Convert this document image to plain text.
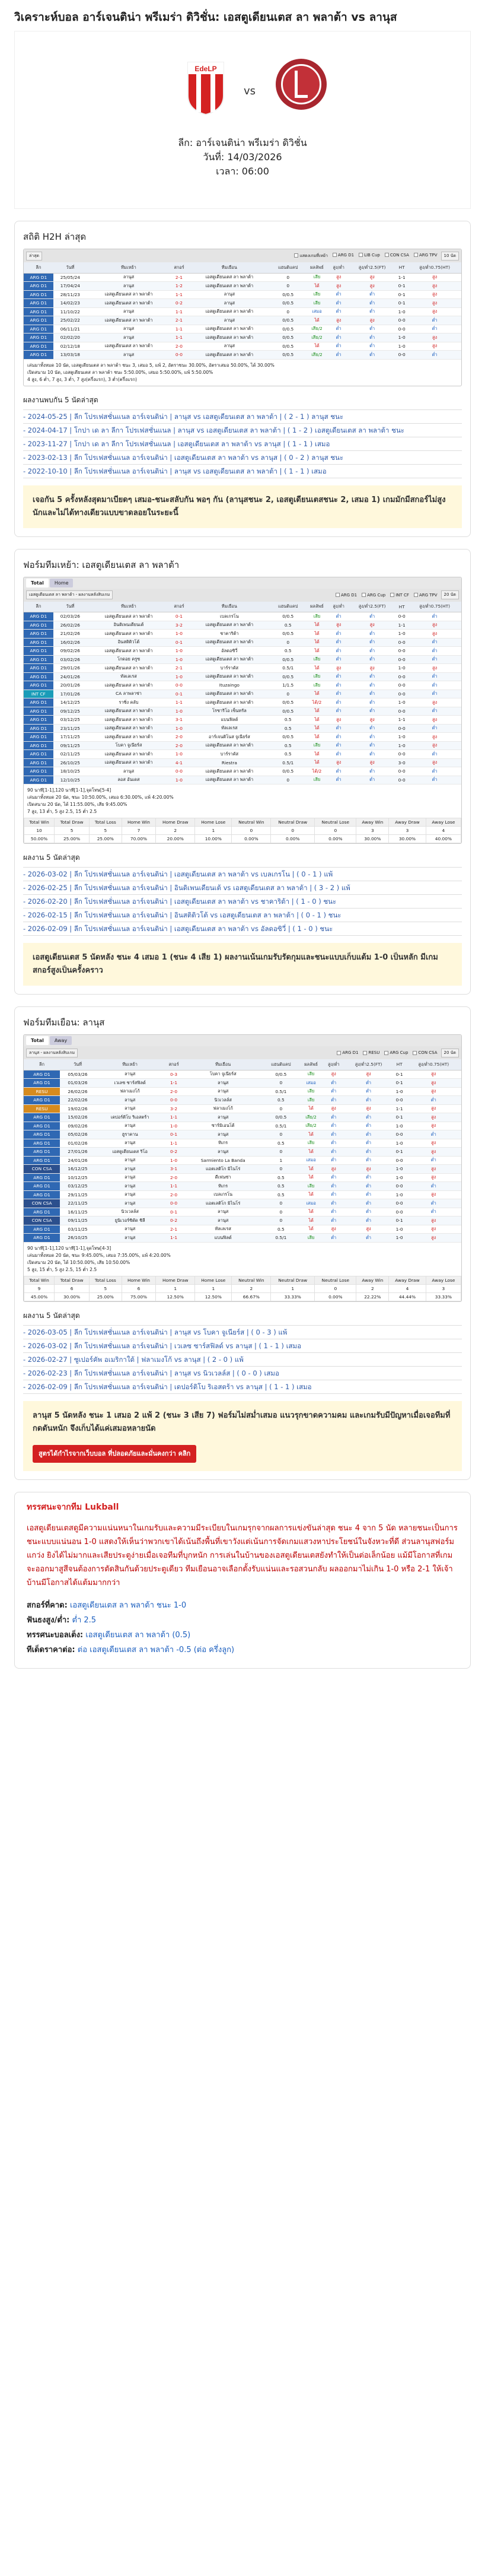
วิเคราะห์บอล อาร์เจนติน่า พรีเมร่า ดิวิชั่น: เอสตูเดียนเตส ลา พลาต้า vs ลานุส
EdeLP
vs
ลีก: อาร์เจนติน่า พรีเมร่า ดิวิชั่น
วันที่: 14/03/2026
เวลา: 06:00
สถิติ H2H ล่าสุด
ล่าสุด	แสดงเกมที่เหย้า	ARG D1	LIB Cup	CON CSA	ARG TPV	10 นัด
ลีก	วันที่	ทีมเหย้า	สกอร์	ทีมเยือน	แฮนดิแคป	ผลลัพธ์	สูง/ต่ำ	สูง/ต่ำ2.5(FT)	HT	สูง/ต่ำ0.75(HT)
ARG D1	25/05/24	ลานุส	2-1	เอสตูเดียนเตส ลา พลาต้า	0	เสีย	สูง	สูง	1-1	สูง
ARG D1	17/04/24	ลานุส	1-2	เอสตูเดียนเตส ลา พลาต้า	0	ได้	สูง	สูง	0-1	สูง
ARG D1	28/11/23	เอสตูเดียนเตส ลา พลาต้า	1-1	ลานุส	0/0.5	เสีย	ต่ำ	ต่ำ	0-1	สูง
ARG D1	14/02/23	เอสตูเดียนเตส ลา พลาต้า	0-2	ลานุส	0/0.5	เสีย	ต่ำ	ต่ำ	0-1	สูง
ARG D1	11/10/22	ลานุส	1-1	เอสตูเดียนเตส ลา พลาต้า	0	เสมอ	ต่ำ	ต่ำ	1-0	สูง
ARG D1	25/02/22	เอสตูเดียนเตส ลา พลาต้า	2-1	ลานุส	0/0.5	ได้	สูง	สูง	0-0	ต่ำ
ARG D1	06/11/21	ลานุส	1-1	เอสตูเดียนเตส ลา พลาต้า	0/0.5	เสีย/2	ต่ำ	ต่ำ	0-0	ต่ำ
ARG D1	02/02/20	ลานุส	1-1	เอสตูเดียนเตส ลา พลาต้า	0/0.5	เสีย/2	ต่ำ	ต่ำ	1-0	สูง
ARG D1	02/12/18	เอสตูเดียนเตส ลา พลาต้า	2-0	ลานุส	0/0.5	ได้	ต่ำ	ต่ำ	1-0	สูง
ARG D1	13/03/18	ลานุส	0-0	เอสตูเดียนเตส ลา พลาต้า	0/0.5	เสีย/2	ต่ำ	ต่ำ	0-0	ต่ำ
เล่นมาทั้งหมด 10 นัด, เอสตูเดียนเตส ลา พลาต้า ชนะ 3, เสมอ 5, แพ้ 2, อัตราชนะ 30.00%, อัตราเสมอ 50.00%, ได้ 30.00%
เปิดสนาม 10 นัด, เอสตูเดียนเตส ลา พลาต้า ชนะ 5:50.00%, เสมอ 5:50.00%, แพ้ 5:50.00%
4 สูง, 6 ต่ำ, 7 สูง, 3 ต่ำ, 7 สูง(ครึ่งแรก), 3 ต่ำ(ครึ่งแรก)
ผลงานพบกัน 5 นัดล่าสุด
- 2024-05-25 | ลีก โปรเฟสชั่นแนล อาร์เจนติน่า | ลานุส vs เอสตูเดียนเตส ลา พลาต้า | ( 2 - 1 ) ลานุส ชนะ
- 2024-04-17 | โกปา เด ลา ลีกา โปรเฟสชั่นแนล | ลานุส vs เอสตูเดียนเตส ลา พลาต้า | ( 1 - 2 ) เอสตูเดียนเตส ลา พลาต้า ชนะ
- 2023-11-27 | โกปา เด ลา ลีกา โปรเฟสชั่นแนล | เอสตูเดียนเตส ลา พลาต้า vs ลานุส | ( 1 - 1 ) เสมอ
- 2023-02-13 | ลีก โปรเฟสชั่นแนล อาร์เจนติน่า | เอสตูเดียนเตส ลา พลาต้า vs ลานุส | ( 0 - 2 ) ลานุส ชนะ
- 2022-10-10 | ลีก โปรเฟสชั่นแนล อาร์เจนติน่า | ลานุส vs เอสตูเดียนเตส ลา พลาต้า | ( 1 - 1 ) เสมอ
เจอกัน 5 ครั้งหลังสุดมาเบียดๆ เสมอ-ชนะสลับกัน พอๆ กัน (ลานุสชนะ 2, เอสตูเดียนเตสชนะ 2, เสมอ 1) เกมมักมีสกอร์ไม่สูงนักและไม่ได้ทางเดียวแบบขาดลอยในระยะนี้
ฟอร์มทีมเหย้า: เอสตูเดียนเตส ลา พลาต้า
Total	Home
เอสตูเดียนเตส ลา พลาต้า - ผลงานหลังสิบเกม	ARG D1	ARG Cup	INT CF	ARG TPV	20 นัด
ลีก	วันที่	ทีมเหย้า	สกอร์	ทีมเยือน	แฮนดิแคป	ผลลัพธ์	สูง/ต่ำ	สูง/ต่ำ2.5(FT)	HT	สูง/ต่ำ0.75(HT)
ARG D1	02/03/26	เอสตูเดียนเตส ลา พลาต้า	0-1	เบลเกรโน	0/0.5	เสีย	ต่ำ	ต่ำ	0-0	ต่ำ
ARG D1	26/02/26	อินดิเพนเดียนเต้	3-2	เอสตูเดียนเตส ลา พลาต้า	0.5	ได้	สูง	สูง	1-1	สูง
ARG D1	21/02/26	เอสตูเดียนเตส ลา พลาต้า	1-0	ชาคาริต้า	0/0.5	ได้	ต่ำ	ต่ำ	1-0	สูง
ARG D1	16/02/26	อินสติติวโต้	0-1	เอสตูเดียนเตส ลา พลาต้า	0	ได้	ต่ำ	ต่ำ	0-0	ต่ำ
ARG D1	09/02/26	เอสตูเดียนเตส ลา พลาต้า	1-0	อัลดอซิวี่	0.5	ได้	ต่ำ	ต่ำ	0-0	ต่ำ
ARG D1	03/02/26	โกดอย ครูซ	1-0	เอสตูเดียนเตส ลา พลาต้า	0/0.5	เสีย	ต่ำ	ต่ำ	0-0	ต่ำ
ARG D1	29/01/26	เอสตูเดียนเตส ลา พลาต้า	2-1	บาร์ราคัส	0.5/1	ได้	สูง	สูง	1-0	สูง
ARG D1	24/01/26	ทัลเลเรส	1-0	เอสตูเดียนเตส ลา พลาต้า	0/0.5	เสีย	ต่ำ	ต่ำ	0-0	ต่ำ
ARG D1	20/01/26	เอสตูเดียนเตส ลา พลาต้า	0-0	Ituzaingo	1/1.5	เสีย	ต่ำ	ต่ำ	0-0	ต่ำ
INT CF	17/01/26	CA ลาพลาซ่า	0-1	เอสตูเดียนเตส ลา พลาต้า	0	ได้	ต่ำ	ต่ำ	0-0	ต่ำ
ARG D1	14/12/25	ราซิ่ง คลับ	1-1	เอสตูเดียนเตส ลา พลาต้า	0/0.5	ได้/2	ต่ำ	ต่ำ	1-0	สูง
ARG D1	09/12/25	เอสตูเดียนเตส ลา พลาต้า	1-0	โรซาริโอ เซ็นทรัล	0/0.5	ได้	ต่ำ	ต่ำ	0-0	ต่ำ
ARG D1	03/12/25	เอสตูเดียนเตส ลา พลาต้า	3-1	แบนฟิลด์	0.5	ได้	สูง	สูง	1-1	สูง
ARG D1	23/11/25	เอสตูเดียนเตส ลา พลาต้า	1-0	ทัลเลเรส	0.5	ได้	ต่ำ	ต่ำ	0-0	ต่ำ
ARG D1	17/11/25	เอสตูเดียนเตส ลา พลาต้า	2-0	อาร์เจนติโนส จูเนียร์ส	0/0.5	ได้	ต่ำ	ต่ำ	1-0	สูง
ARG D1	09/11/25	โบคา จูเนียร์ส	2-0	เอสตูเดียนเตส ลา พลาต้า	0.5	เสีย	ต่ำ	ต่ำ	1-0	สูง
ARG D1	02/11/25	เอสตูเดียนเตส ลา พลาต้า	1-0	บาร์ราคัส	0.5	ได้	ต่ำ	ต่ำ	0-0	ต่ำ
ARG D1	26/10/25	เอสตูเดียนเตส ลา พลาต้า	4-1	Riestra	0.5/1	ได้	สูง	สูง	3-0	สูง
ARG D1	18/10/25	ลานุส	0-0	เอสตูเดียนเตส ลา พลาต้า	0/0.5	ได้/2	ต่ำ	ต่ำ	0-0	ต่ำ
ARG D1	12/10/25	ลอส อันเดส	1-0	เอสตูเดียนเตส ลา พลาต้า	0	เสีย	ต่ำ	ต่ำ	0-0	ต่ำ
90 นาที[1-1],120 นาที[1-1],จุดโทษ[5-4]
เล่นมาทั้งหมด 20 นัด, ชนะ 10:50.00%, เสมอ 6:30.00%, แพ้ 4:20.00%
เปิดสนาม 20 นัด, ได้ 11:55.00%, เสีย 9:45.00%
7 สูง, 13 ต่ำ, 5 สูง 2.5, 15 ต่ำ 2.5
Total Win	Total Draw	Total Loss	Home Win	Home Draw	Home Lose	Neutral Win	Neutral Draw	Neutral Lose	Away Win	Away Draw	Away Lose
10	5	5	7	2	1	0	0	0	3	3	4
50.00%	25.00%	25.00%	70.00%	20.00%	10.00%	0.00%	0.00%	0.00%	30.00%	30.00%	40.00%
ผลงาน 5 นัดล่าสุด
- 2026-03-02 | ลีก โปรเฟสชั่นแนล อาร์เจนติน่า | เอสตูเดียนเตส ลา พลาต้า vs เบลเกรโน | ( 0 - 1 ) แพ้
- 2026-02-25 | ลีก โปรเฟสชั่นแนล อาร์เจนติน่า | อินดิเพนเดียนเต้ vs เอสตูเดียนเตส ลา พลาต้า | ( 3 - 2 ) แพ้
- 2026-02-20 | ลีก โปรเฟสชั่นแนล อาร์เจนติน่า | เอสตูเดียนเตส ลา พลาต้า vs ชาคาริต้า | ( 1 - 0 ) ชนะ
- 2026-02-15 | ลีก โปรเฟสชั่นแนล อาร์เจนติน่า | อินสติติวโต้ vs เอสตูเดียนเตส ลา พลาต้า | ( 0 - 1 ) ชนะ
- 2026-02-09 | ลีก โปรเฟสชั่นแนล อาร์เจนติน่า | เอสตูเดียนเตส ลา พลาต้า vs อัลดอซิวี่ | ( 1 - 0 ) ชนะ
เอสตูเดียนเตส 5 นัดหลัง ชนะ 4 เสมอ 1 (ชนะ 4 เสีย 1) ผลงานเน้นเกมรับรัดกุมและชนะแบบเก็บแต้ม 1-0 เป็นหลัก มีเกมสกอร์สูงเป็นครั้งคราว
ฟอร์มทีมเยือน: ลานุส
Total	Away
ลานุส - ผลงานหลังสิบเกม	ARG D1	RESU	ARG Cup	CON CSA	20 นัด
ลีก	วันที่	ทีมเหย้า	สกอร์	ทีมเยือน	แฮนดิแคป	ผลลัพธ์	สูง/ต่ำ	สูง/ต่ำ2.5(FT)	HT	สูง/ต่ำ0.75(HT)
ARG D1	05/03/26	ลานุส	0-3	โบคา จูเนียร์ส	0/0.5	เสีย	สูง	สูง	0-1	สูง
ARG D1	01/03/26	เวเลซ ซาร์สฟิลด์	1-1	ลานุส	0	เสมอ	ต่ำ	ต่ำ	0-1	สูง
RESU	26/02/26	ฟลาเมงโก้	2-0	ลานุส	0.5/1	เสีย	ต่ำ	ต่ำ	1-0	สูง
ARG D1	22/02/26	ลานุส	0-0	นิวเวลล์ส	0.5	เสีย	ต่ำ	ต่ำ	0-0	ต่ำ
RESU	19/02/26	ลานุส	3-2	ฟลาเมงโก้	0	ได้	สูง	สูง	1-1	สูง
ARG D1	15/02/26	เดปอร์ติโบ ริเอสตร้า	1-1	ลานุส	0/0.5	เสีย/2	ต่ำ	ต่ำ	0-1	สูง
ARG D1	09/02/26	ลานุส	1-0	ซาร์มิเอนโต้	0.5/1	เสีย/2	ต่ำ	ต่ำ	1-0	สูง
ARG D1	05/02/26	ฮูราคาน	0-1	ลานุส	0	ได้	ต่ำ	ต่ำ	0-0	ต่ำ
ARG D1	01/02/26	ลานุส	1-1	ทิเกร	0.5	เสีย	ต่ำ	ต่ำ	1-0	สูง
ARG D1	27/01/26	เอสตูเดียนเตส ริโอ	0-2	ลานุส	0	ได้	ต่ำ	ต่ำ	0-1	สูง
ARG D1	24/01/26	ลานุส	1-0	Sarmiento La Banda	1	เสมอ	ต่ำ	ต่ำ	0-0	ต่ำ
CON CSA	16/12/25	ลานุส	3-1	แอตเลติโก มิไนโร่	0	ได้	สูง	สูง	1-0	สูง
ARG D1	10/12/25	ลานุส	2-0	ดีเฟนซ่า	0.5	ได้	ต่ำ	ต่ำ	1-0	สูง
ARG D1	03/12/25	ลานุส	1-1	ทิเกร	0.5	เสีย	ต่ำ	ต่ำ	0-0	ต่ำ
ARG D1	29/11/25	ลานุส	2-0	เบลเกรโน	0.5	ได้	ต่ำ	ต่ำ	1-0	สูง
CON CSA	22/11/25	ลานุส	0-0	แอตเลติโก มิไนโร่	0	เสมอ	ต่ำ	ต่ำ	0-0	ต่ำ
ARG D1	16/11/25	นิวเวลล์ส	0-1	ลานุส	0	ได้	ต่ำ	ต่ำ	0-0	ต่ำ
CON CSA	09/11/25	ยูนิเวอร์ซิดัด ชิลี	0-2	ลานุส	0	ได้	ต่ำ	ต่ำ	0-1	สูง
ARG D1	03/11/25	ลานุส	2-1	ทัลเลเรส	0.5	ได้	สูง	สูง	1-0	สูง
ARG D1	26/10/25	ลานุส	1-1	แบนฟิลด์	0.5/1	เสีย	ต่ำ	ต่ำ	1-0	สูง
90 นาที[1-1],120 นาที[1-1],จุดโทษ[4-3]
เล่นมาทั้งหมด 20 นัด, ชนะ 9:45.00%, เสมอ 7:35.00%, แพ้ 4:20.00%
เปิดสนาม 20 นัด, ได้ 10:50.00%, เสีย 10:50.00%
5 สูง, 15 ต่ำ, 5 สูง 2.5, 15 ต่ำ 2.5
Total Win	Total Draw	Total Loss	Home Win	Home Draw	Home Lose	Neutral Win	Neutral Draw	Neutral Lose	Away Win	Away Draw	Away Lose
9	6	5	6	1	1	2	1	0	2	4	3
45.00%	30.00%	25.00%	75.00%	12.50%	12.50%	66.67%	33.33%	0.00%	22.22%	44.44%	33.33%
ผลงาน 5 นัดล่าสุด
- 2026-03-05 | ลีก โปรเฟสชั่นแนล อาร์เจนติน่า | ลานุส vs โบคา จูเนียร์ส | ( 0 - 3 ) แพ้
- 2026-03-02 | ลีก โปรเฟสชั่นแนล อาร์เจนติน่า | เวเลซ ซาร์สฟิลด์ vs ลานุส | ( 1 - 1 ) เสมอ
- 2026-02-27 | ซูเปอร์คัพ อเมริกาใต้ | ฟลาเมงโก้ vs ลานุส | ( 2 - 0 ) แพ้
- 2026-02-23 | ลีก โปรเฟสชั่นแนล อาร์เจนติน่า | ลานุส vs นิวเวลล์ส | ( 0 - 0 ) เสมอ
- 2026-02-09 | ลีก โปรเฟสชั่นแนล อาร์เจนติน่า | เดปอร์ติโบ ริเอสตร้า vs ลานุส | ( 1 - 1 ) เสมอ
ลานุส 5 นัดหลัง ชนะ 1 เสมอ 2 แพ้ 2 (ชนะ 3 เสีย 7) ฟอร์มไม่สม่ำเสมอ แนวรุกขาดความคม และเกมรับมีปัญหาเมื่อเจอทีมที่กดดันหนัก จึงเก็บได้แค่เสมอหลายนัด
สูตรได้กำไรจากเว็บบอล ที่ปลอดภัยและมั่นคงกว่า คลิก
ทรรศนะจากทีม Lukball
เอสตูเดียนเตสดูมีความแน่นหนาในเกมรับและความมีระเบียบในเกมรุกจากผลการแข่งขันล่าสุด ชนะ 4 จาก 5 นัด หลายชนะเป็นการชนะแบบแน่นอน 1-0 แสดงให้เห็นว่าพวกเขาได้เน้นถึงพื้นที่เขาวังแต่เน้นการจัดเกมแสวงหาประโยชน์ในจังหวะที่ดี ส่วนลานุสฟอร์มแกว่ง ยิงได้ไม่มากและเสียประตูง่ายเมื่อเจอทีมที่บุกหนัก การเล่นในบ้านของเอสตูเดียนเตสยังทำให้เป็นต่อเล็กน้อย แม้มีโอกาสที่เกมจะออกมาสูสีจนต้องการตัดสินกันด้วยประตูเดียว ทีมเยือนอาจเลือกตั้งรับแน่นและรอสวนกลับ ผลออกมาไม่เกิน 1-0 หรือ 2-1 ให้เจ้าบ้านมีโอกาสได้แต้มมากกว่า
สกอร์ที่คาด: เอสตูเดียนเตส ลา พลาต้า ชนะ 1-0
ฟันธงสูง/ต่ำ: ต่ำ 2.5
ทรรศนะบอลเต็ง: เอสตูเดียนเตส ลา พลาต้า (0.5)
ทีเด็ดราคาต่อ: ต่อ เอสตูเดียนเตส ลา พลาต้า -0.5 (ต่อ ครึ่งลูก)
